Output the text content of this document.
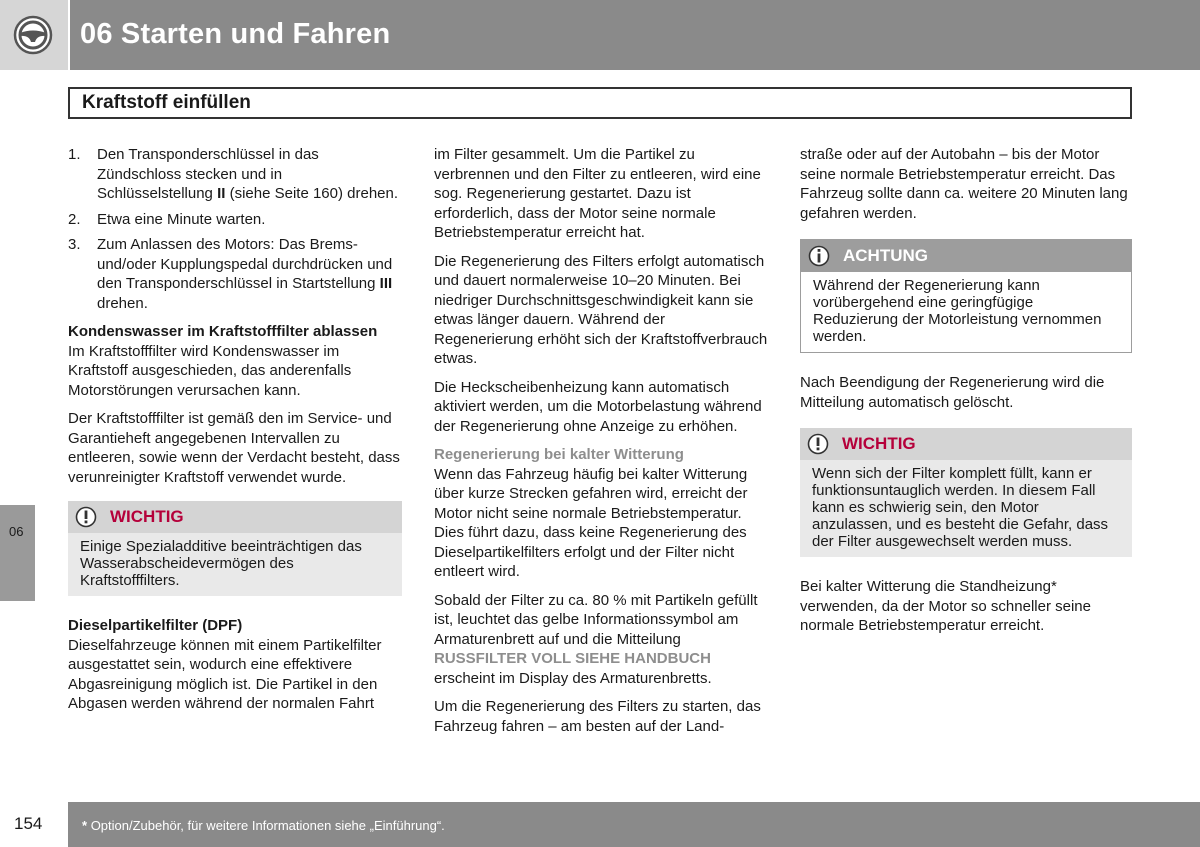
06 Starten und Fahren
Kraftstoff einfüllen
06
1. Den Transponderschlüssel in das Zündschloss stecken und in Schlüsselstellung II (siehe Seite 160) drehen.
2. Etwa eine Minute warten.
3. Zum Anlassen des Motors: Das Brems- und/oder Kupplungspedal durchdrücken und den Transponderschlüssel in Startstellung III drehen.
Kondenswasser im Kraftstofffilter ablassen

Im Kraftstofffilter wird Kondenswasser im Kraftstoff ausgeschieden, das anderenfalls Motorstörungen verursachen kann.

Der Kraftstofffilter ist gemäß den im Service- und Garantieheft angegebenen Intervallen zu entleeren, sowie wenn der Verdacht besteht, dass verunreinigter Kraftstoff verwendet wurde.

WICHTIG
Einige Spezialadditive beeinträchtigen das Wasserabscheidevermögen des Kraftstofffilters.
Dieselpartikelfilter (DPF)

Dieselfahrzeuge können mit einem Partikelfilter ausgestattet sein, wodurch eine effektivere Abgasreinigung möglich ist. Die Partikel in den Abgasen werden während der normalen Fahrt

im Filter gesammelt. Um die Partikel zu verbrennen und den Filter zu entleeren, wird eine sog. Regenerierung gestartet. Dazu ist erforderlich, dass der Motor seine normale Betriebstemperatur erreicht hat.

Die Regenerierung des Filters erfolgt automatisch und dauert normalerweise 10–20 Minuten. Bei niedriger Durchschnittsgeschwindigkeit kann sie etwas länger dauern. Während der Regenerierung erhöht sich der Kraftstoffverbrauch etwas.

Die Heckscheibenheizung kann automatisch aktiviert werden, um die Motorbelastung während der Regenerierung ohne Anzeige zu erhöhen.

Regenerierung bei kalter Witterung

Wenn das Fahrzeug häufig bei kalter Witterung über kurze Strecken gefahren wird, erreicht der Motor nicht seine normale Betriebstemperatur. Dies führt dazu, dass keine Regenerierung des Dieselpartikelfilters erfolgt und der Filter nicht entleert wird.

Sobald der Filter zu ca. 80 % mit Partikeln gefüllt ist, leuchtet das gelbe Informationssymbol am Armaturenbrett auf und die Mitteilung RUSSFILTER VOLL SIEHE HANDBUCH erscheint im Display des Armaturenbretts.

Um die Regenerierung des Filters zu starten, das Fahrzeug fahren – am besten auf der Land-

straße oder auf der Autobahn – bis der Motor seine normale Betriebstemperatur erreicht. Das Fahrzeug sollte dann ca. weitere 20 Minuten lang gefahren werden.

ACHTUNG
Während der Regenerierung kann vorübergehend eine geringfügige Reduzierung der Motorleistung vernommen werden.

Nach Beendigung der Regenerierung wird die Mitteilung automatisch gelöscht.

WICHTIG
Wenn sich der Filter komplett füllt, kann er funktionsuntauglich werden. In diesem Fall kann es schwierig sein, den Motor anzulassen, und es besteht die Gefahr, dass der Filter ausgewechselt werden muss.

Bei kalter Witterung die Standheizung* verwenden, da der Motor so schneller seine normale Betriebstemperatur erreicht.

154	* Option/Zubehör, für weitere Informationen siehe „Einführung“.
